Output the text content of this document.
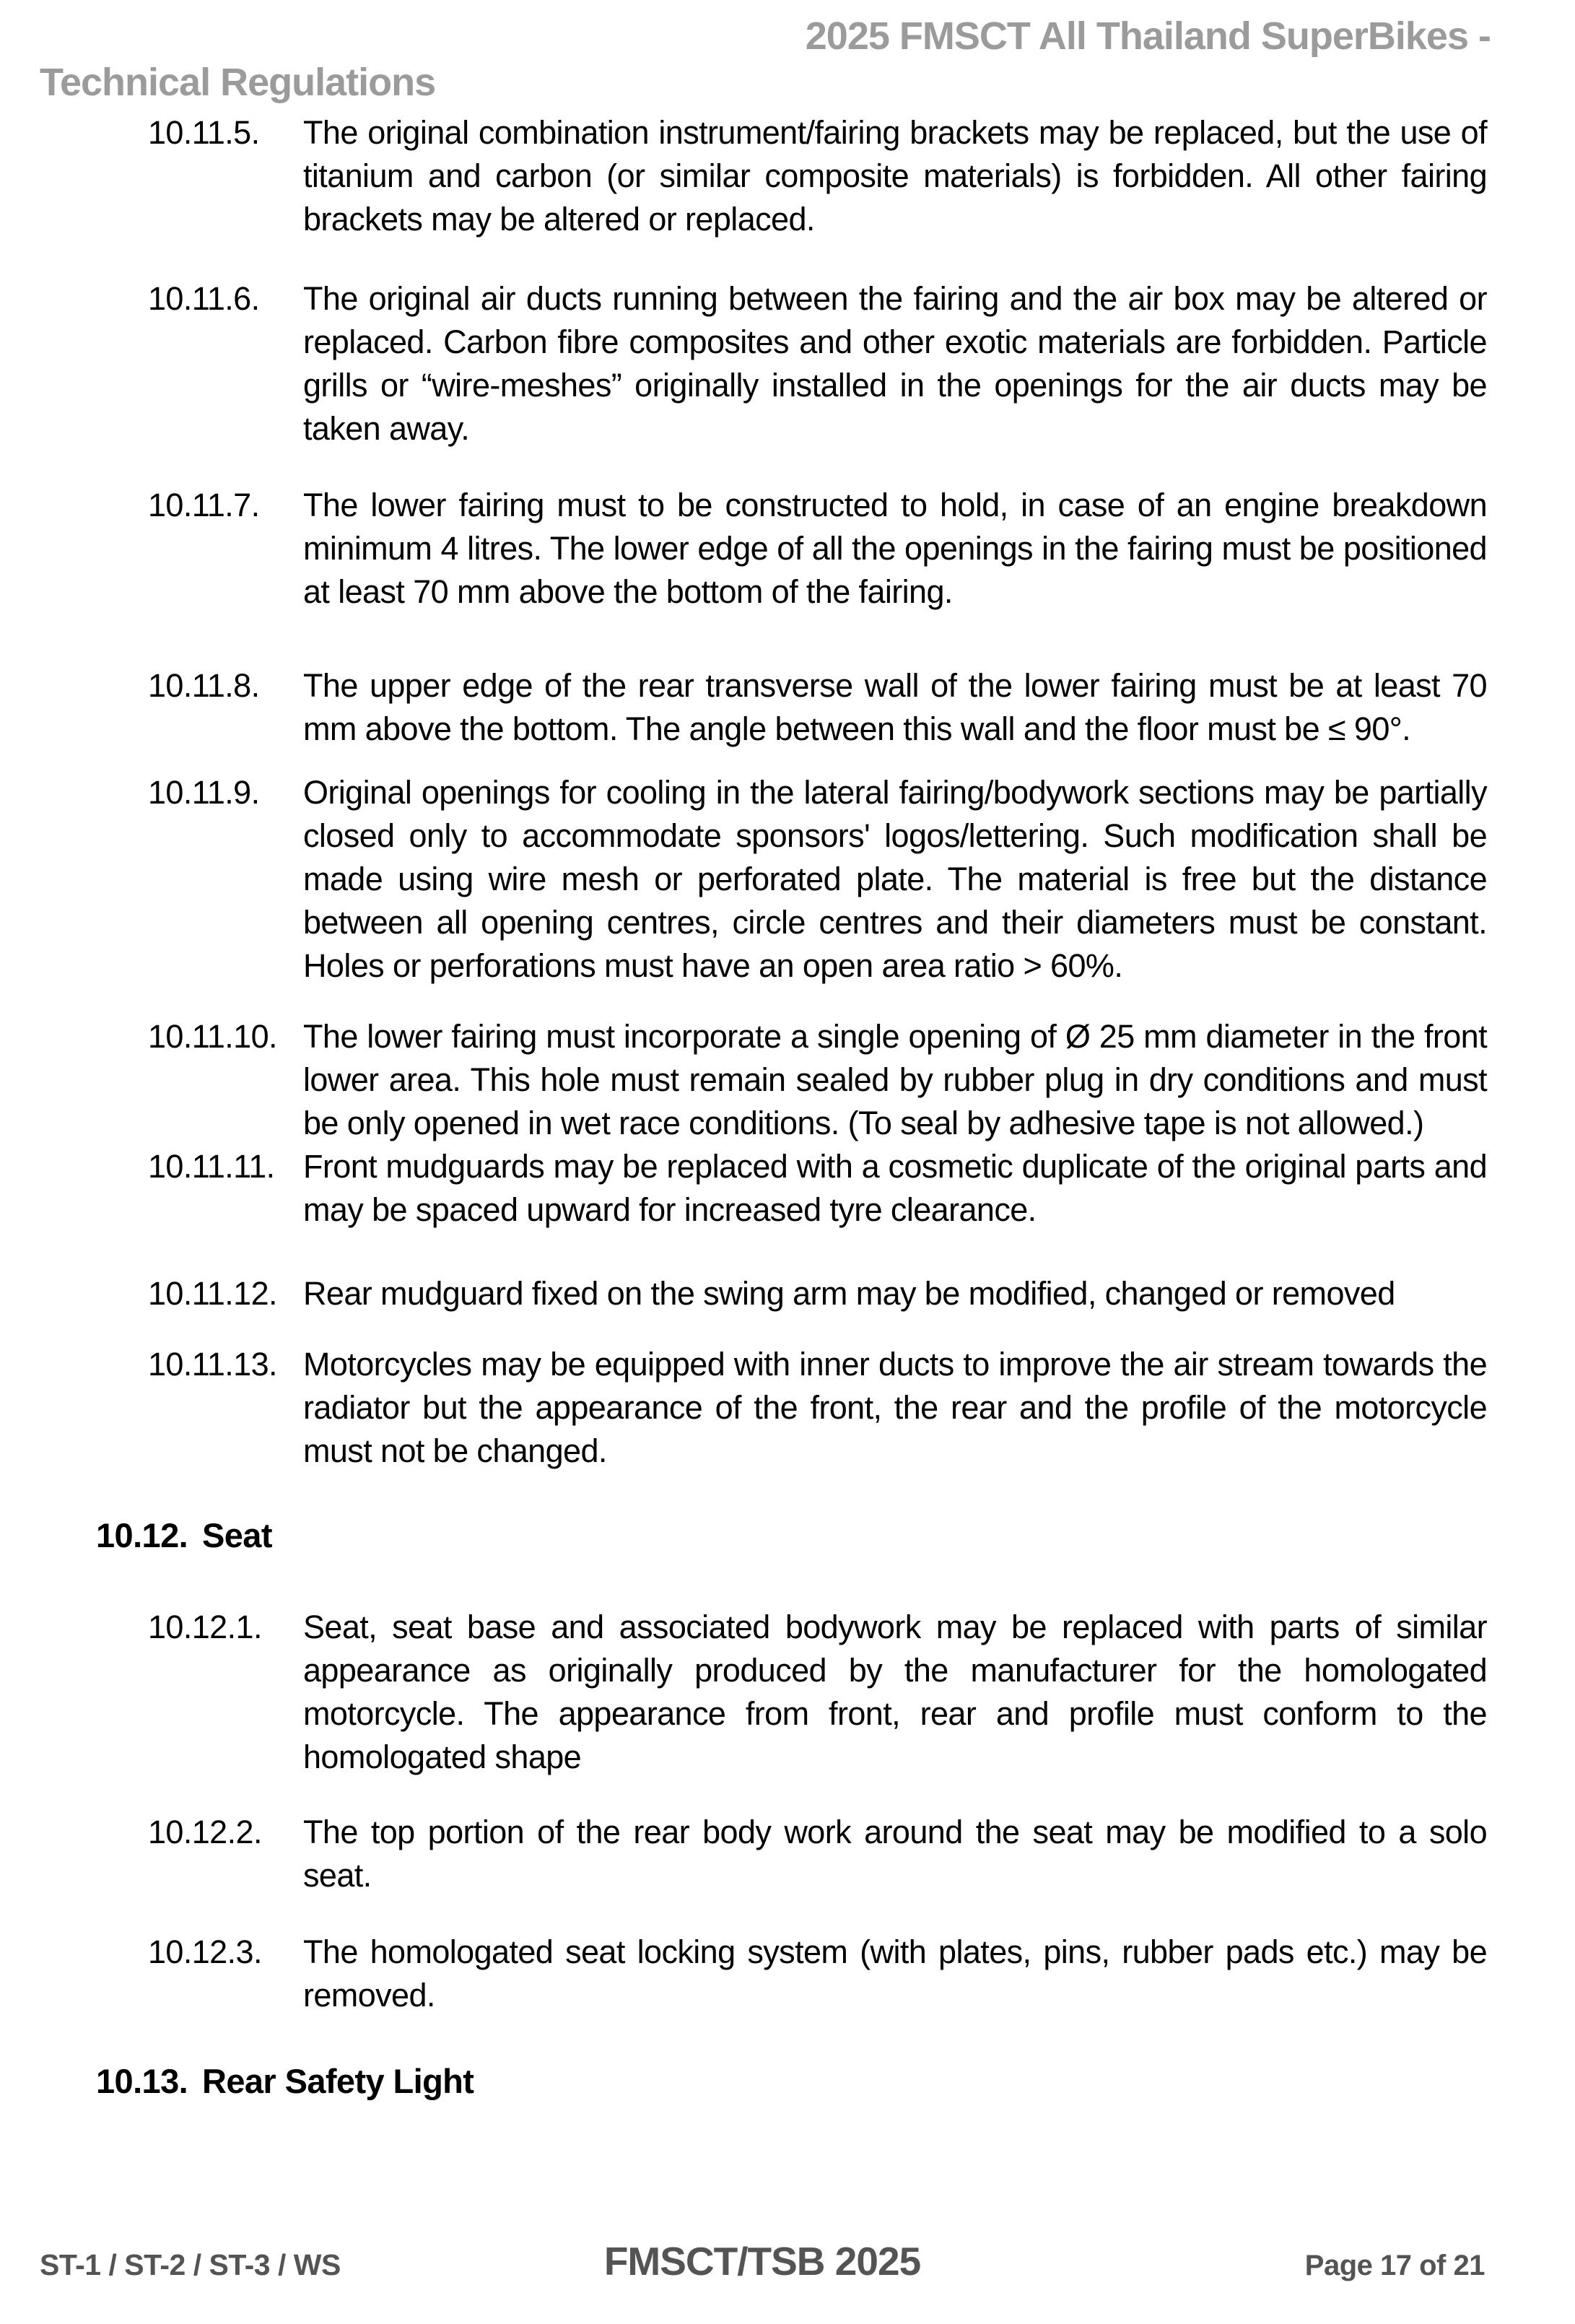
2025 FMSCT All Thailand SuperBikes -
Technical Regulations
10.11.5. The original combination instrument/fairing brackets may be replaced, but the use of titanium and carbon (or similar composite materials) is forbidden. All other fairing brackets may be altered or replaced.
10.11.6. The original air ducts running between the fairing and the air box may be altered or replaced. Carbon fibre composites and other exotic materials are forbidden. Particle grills or “wire-meshes” originally installed in the openings for the air ducts may be taken away.
10.11.7. The lower fairing must to be constructed to hold, in case of an engine breakdown minimum 4 litres. The lower edge of all the openings in the fairing must be positioned at least 70 mm above the bottom of the fairing.
10.11.8. The upper edge of the rear transverse wall of the lower fairing must be at least 70 mm above the bottom. The angle between this wall and the floor must be ≤ 90°.
10.11.9. Original openings for cooling in the lateral fairing/bodywork sections may be partially closed only to accommodate sponsors' logos/lettering. Such modification shall be made using wire mesh or perforated plate. The material is free but the distance between all opening centres, circle centres and their diameters must be constant. Holes or perforations must have an open area ratio > 60%.
10.11.10. The lower fairing must incorporate a single opening of Ø 25 mm diameter in the front lower area. This hole must remain sealed by rubber plug in dry conditions and must be only opened in wet race conditions. (To seal by adhesive tape is not allowed.)
10.11.11. Front mudguards may be replaced with a cosmetic duplicate of the original parts and may be spaced upward for increased tyre clearance.
10.11.12. Rear mudguard fixed on the swing arm may be modified, changed or removed
10.11.13. Motorcycles may be equipped with inner ducts to improve the air stream towards the radiator but the appearance of the front, the rear and the profile of the motorcycle must not be changed.
10.12. Seat
10.12.1. Seat, seat base and associated bodywork may be replaced with parts of similar appearance as originally produced by the manufacturer for the homologated motorcycle. The appearance from front, rear and profile must conform to the homologated shape
10.12.2. The top portion of the rear body work around the seat may be modified to a solo seat.
10.12.3. The homologated seat locking system (with plates, pins, rubber pads etc.) may be removed.
10.13. Rear Safety Light
ST-1 / ST-2 / ST-3 / WS	FMSCT/TSB 2025	Page 17 of 21
